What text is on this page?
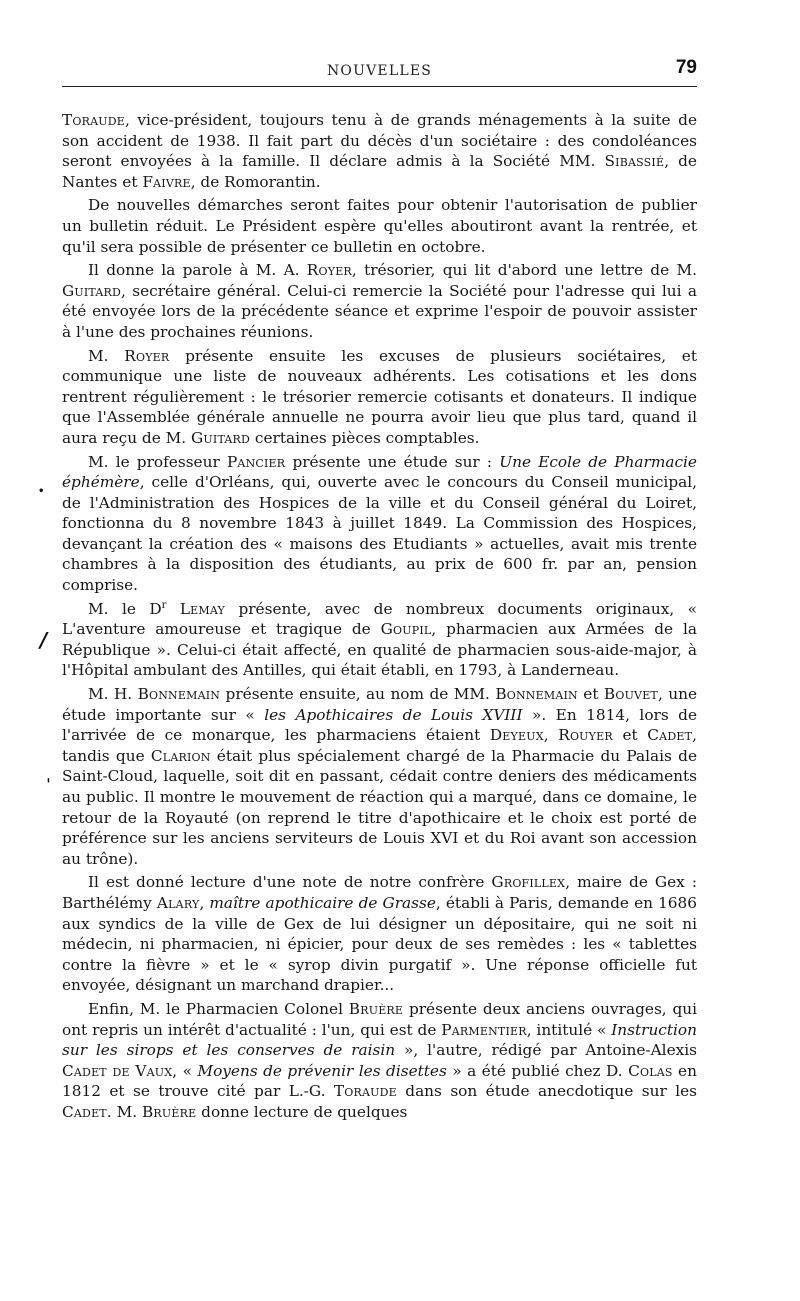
NOUVELLES	79

Toraude, vice-président, toujours tenu à de grands ménagements à la suite de son accident de 1938. Il fait part du décès d'un sociétaire : des condoléances seront envoyées à la famille. Il déclare admis à la Société MM. Sibassié, de Nantes et Faivre, de Romorantin.

De nouvelles démarches seront faites pour obtenir l'autorisation de publier un bulletin réduit. Le Président espère qu'elles aboutiront avant la rentrée, et qu'il sera possible de présenter ce bulletin en octobre.

Il donne la parole à M. A. Royer, trésorier, qui lit d'abord une lettre de M. Guitard, secrétaire général. Celui-ci remercie la Société pour l'adresse qui lui a été envoyée lors de la précédente séance et exprime l'espoir de pouvoir assister à l'une des prochaines réunions.

M. Royer présente ensuite les excuses de plusieurs sociétaires, et communique une liste de nouveaux adhérents. Les cotisations et les dons rentrent régulièrement : le trésorier remercie cotisants et donateurs. Il indique que l'Assemblée générale annuelle ne pourra avoir lieu que plus tard, quand il aura reçu de M. Guitard certaines pièces comptables.

M. le professeur Pancier présente une étude sur : Une Ecole de Pharmacie éphémère, celle d'Orléans, qui, ouverte avec le concours du Conseil municipal, de l'Administration des Hospices de la ville et du Conseil général du Loiret, fonctionna du 8 novembre 1843 à juillet 1849. La Commission des Hospices, devançant la création des « maisons des Etudiants » actuelles, avait mis trente chambres à la disposition des étudiants, au prix de 600 fr. par an, pension comprise.

M. le $D^r$ Lemay présente, avec de nombreux documents originaux, « L'aventure amoureuse et tragique de Goupil, pharmacien aux Armées de la République ». Celui-ci était affecté, en qualité de pharmacien sous-aide-major, à l'Hôpital ambulant des Antilles, qui était établi, en 1793, à Landerneau.

M. H. Bonnemain présente ensuite, au nom de MM. Bonnemain et Bouvet, une étude importante sur « les Apothicaires de Louis XVIII ». En 1814, lors de l'arrivée de ce monarque, les pharmaciens étaient Deyeux, Rouyer et Cadet, tandis que Clarion était plus spécialement chargé de la Pharmacie du Palais de Saint-Cloud, laquelle, soit dit en passant, cédait contre deniers des médicaments au public. Il montre le mouvement de réaction qui a marqué, dans ce domaine, le retour de la Royauté (on reprend le titre d'apothicaire et le choix est porté de préférence sur les anciens serviteurs de Louis XVI et du Roi avant son accession au trône).

Il est donné lecture d'une note de notre confrère Grofillex, maire de Gex : Barthélémy Alary, maître apothicaire de Grasse, établi à Paris, demande en 1686 aux syndics de la ville de Gex de lui désigner un dépositaire, qui ne soit ni médecin, ni pharmacien, ni épicier, pour deux de ses remèdes : les « tablettes contre la fièvre » et le « syrop divin purgatif ». Une réponse officielle fut envoyée, désignant un marchand drapier...

Enfin, M. le Pharmacien Colonel Bruère présente deux anciens ouvrages, qui ont repris un intérêt d'actualité : l'un, qui est de Parmentier, intitulé « Instruction sur les sirops et les conserves de raisin », l'autre, rédigé par Antoine-Alexis Cadet de Vaux, « Moyens de prévenir les disettes » a été publié chez D. Colas en 1812 et se trouve cité par L.-G. Toraude dans son étude anecdotique sur les Cadet. M. Bruère donne lecture de quelques

•
/
ˌ
